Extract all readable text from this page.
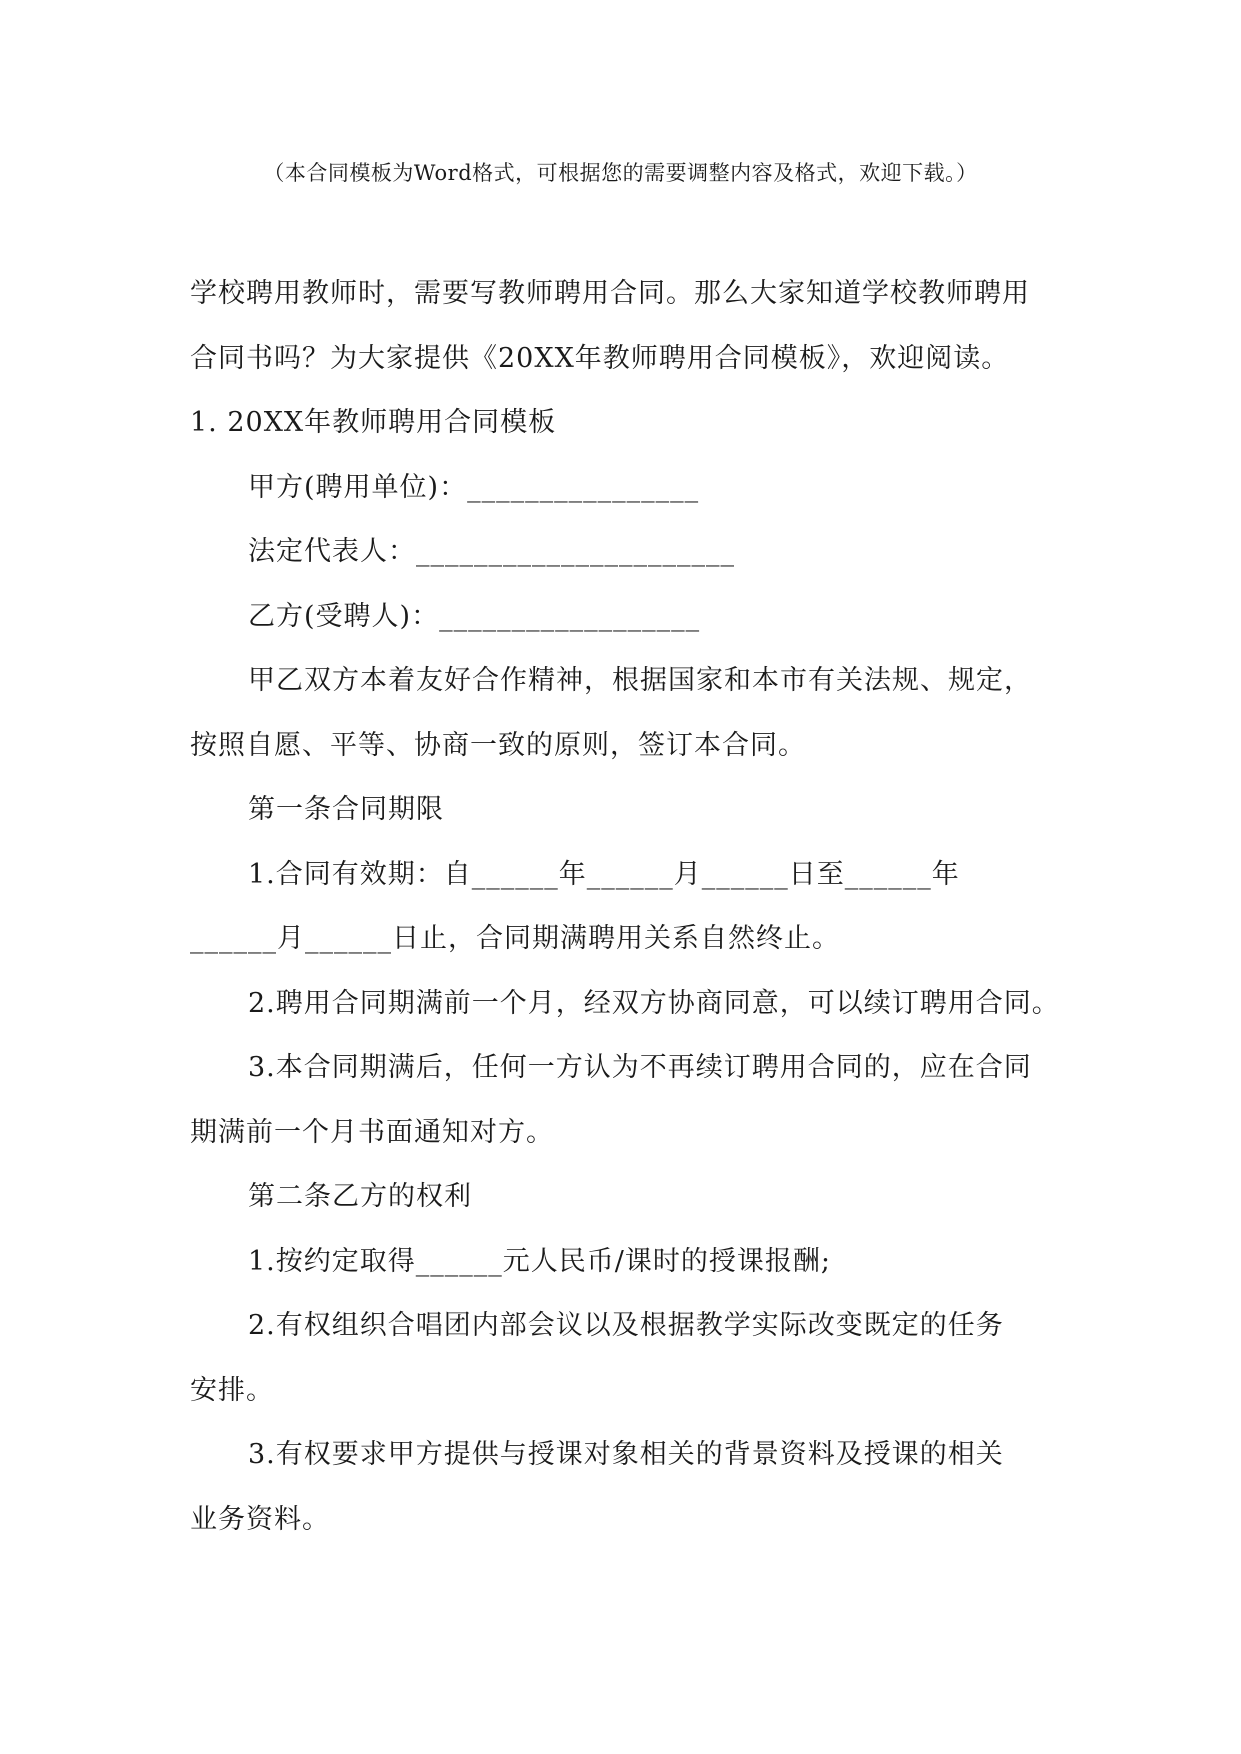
（本合同模板为Word格式，可根据您的需要调整内容及格式，欢迎下载。）

学校聘用教师时，需要写教师聘用合同。那么大家知道学校教师聘用

合同书吗？为大家提供《20XX年教师聘用合同模板》，欢迎阅读。

1. 20XX年教师聘用合同模板

甲方(聘用单位)：________________

法定代表人：______________________

乙方(受聘人)：__________________

甲乙双方本着友好合作精神，根据国家和本市有关法规、规定，

按照自愿、平等、协商一致的原则，签订本合同。

第一条合同期限

1.合同有效期：自______年______月______日至______年

______月______日止，合同期满聘用关系自然终止。

2.聘用合同期满前一个月，经双方协商同意，可以续订聘用合同。

3.本合同期满后，任何一方认为不再续订聘用合同的，应在合同

期满前一个月书面通知对方。

第二条乙方的权利

1.按约定取得______元人民币/课时的授课报酬;

2.有权组织合唱团内部会议以及根据教学实际改变既定的任务

安排。

3.有权要求甲方提供与授课对象相关的背景资料及授课的相关

业务资料。
